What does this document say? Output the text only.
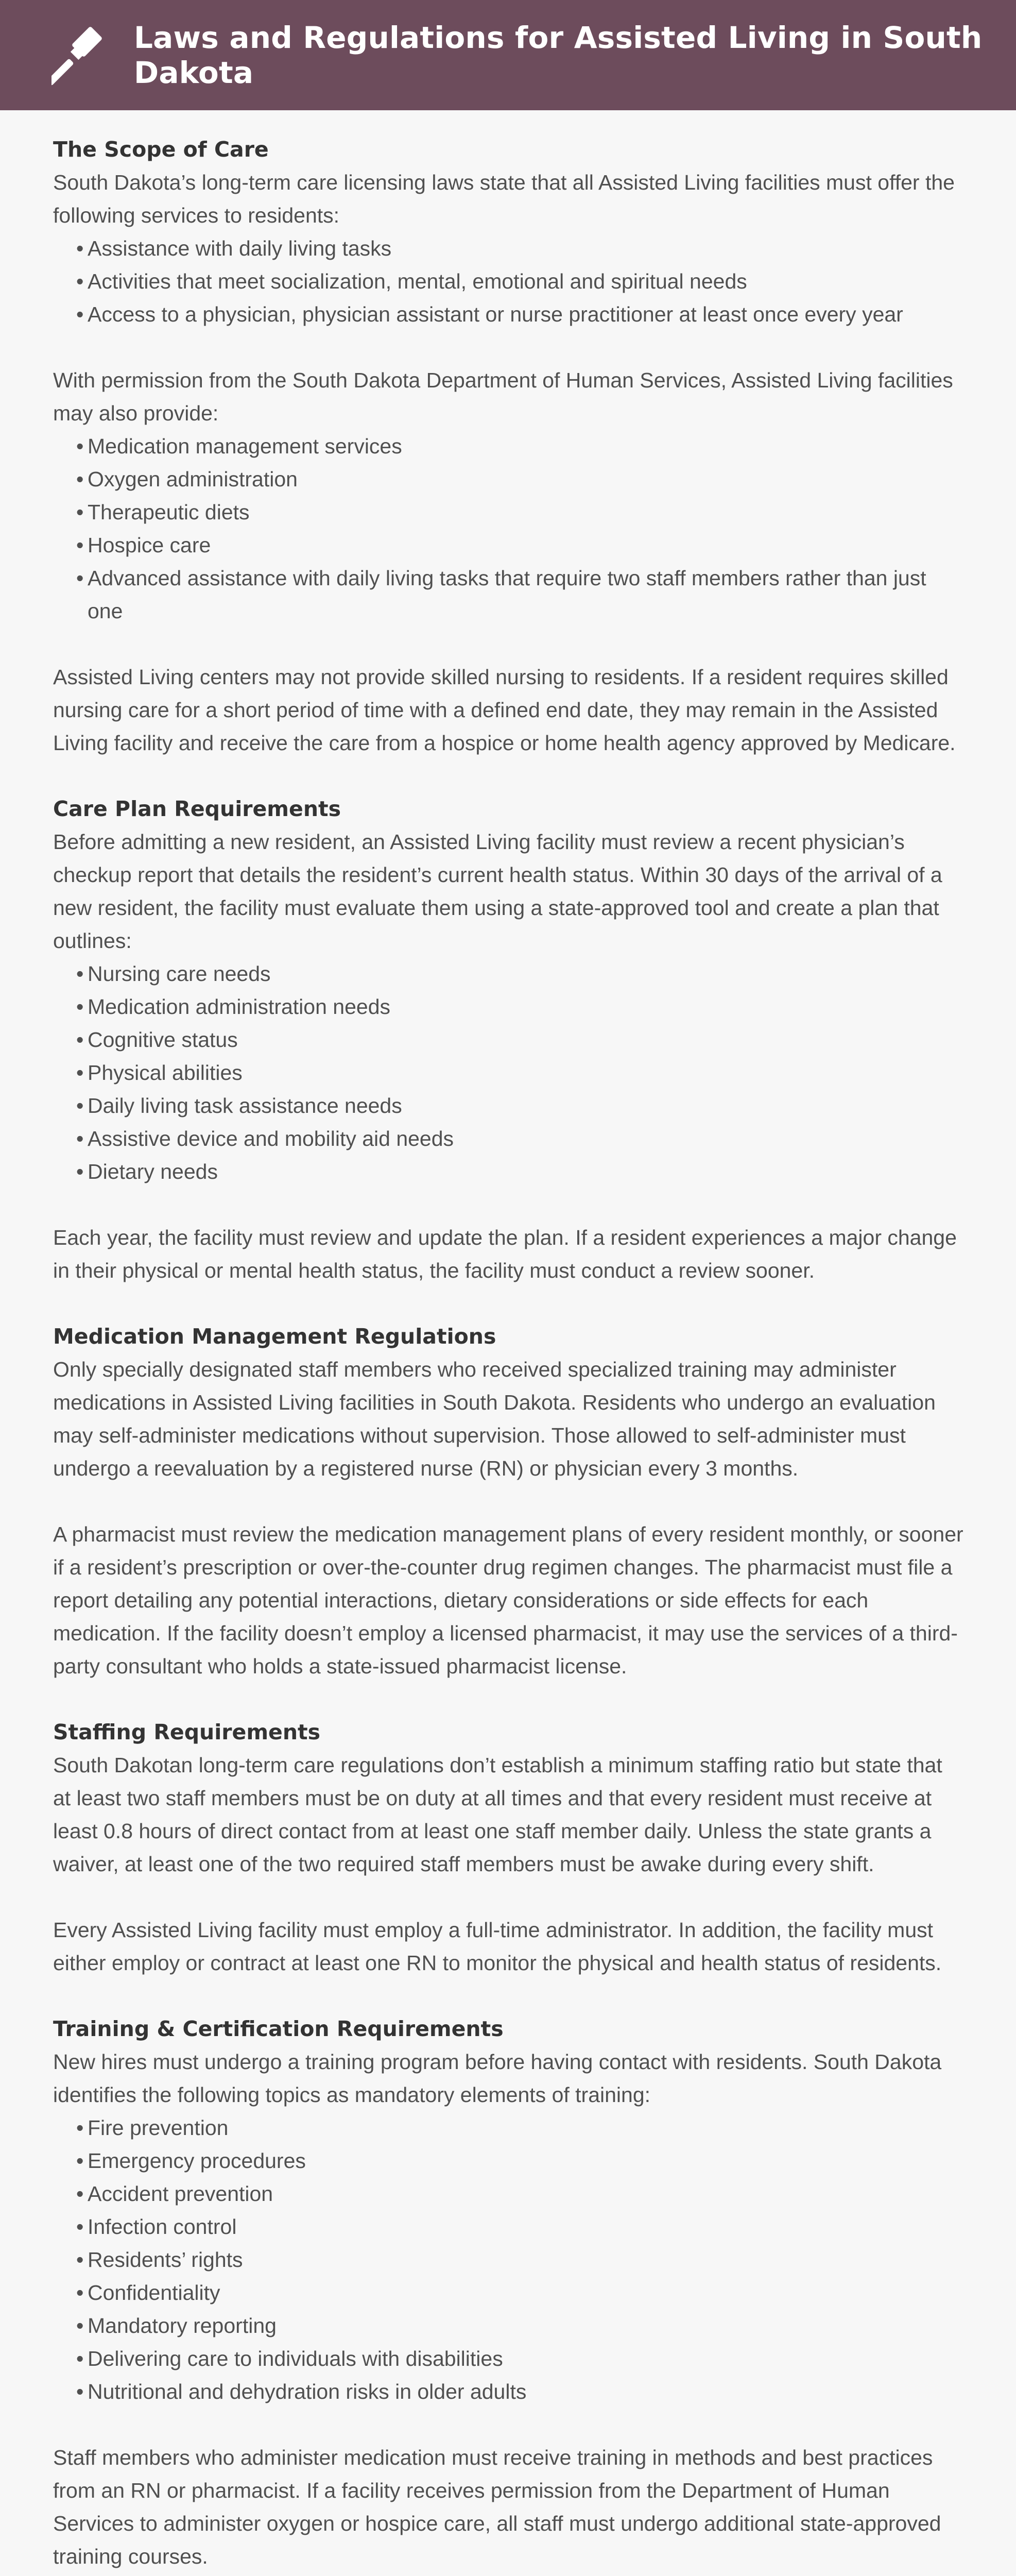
Laws and Regulations for Assisted Living in South Dakota
The Scope of Care

South Dakota’s long-term care licensing laws state that all Assisted Living facilities must offer the following services to residents:

• Assistance with daily living tasks
• Activities that meet socialization, mental, emotional and spiritual needs
• Access to a physician, physician assistant or nurse practitioner at least once every year

With permission from the South Dakota Department of Human Services, Assisted Living facilities may also provide:

• Medication management services
• Oxygen administration
• Therapeutic diets
• Hospice care
• Advanced assistance with daily living tasks that require two staff members rather than just one

Assisted Living centers may not provide skilled nursing to residents. If a resident requires skilled nursing care for a short period of time with a defined end date, they may remain in the Assisted Living facility and receive the care from a hospice or home health agency approved by Medicare.

Care Plan Requirements

Before admitting a new resident, an Assisted Living facility must review a recent physician’s checkup report that details the resident’s current health status. Within 30 days of the arrival of a new resident, the facility must evaluate them using a state-approved tool and create a plan that outlines:

• Nursing care needs
• Medication administration needs
• Cognitive status
• Physical abilities
• Daily living task assistance needs
• Assistive device and mobility aid needs
• Dietary needs

Each year, the facility must review and update the plan. If a resident experiences a major change in their physical or mental health status, the facility must conduct a review sooner.

Medication Management Regulations

Only specially designated staff members who received specialized training may administer medications in Assisted Living facilities in South Dakota. Residents who undergo an evaluation may self-administer medications without supervision. Those allowed to self-administer must undergo a reevaluation by a registered nurse (RN) or physician every 3 months.

A pharmacist must review the medication management plans of every resident monthly, or sooner if a resident’s prescription or over-the-counter drug regimen changes. The pharmacist must file a report detailing any potential interactions, dietary considerations or side effects for each medication. If the facility doesn’t employ a licensed pharmacist, it may use the services of a third-party consultant who holds a state-issued pharmacist license.

Staffing Requirements

South Dakotan long-term care regulations don’t establish a minimum staffing ratio but state that at least two staff members must be on duty at all times and that every resident must receive at least 0.8 hours of direct contact from at least one staff member daily. Unless the state grants a waiver, at least one of the two required staff members must be awake during every shift.

Every Assisted Living facility must employ a full-time administrator. In addition, the facility must either employ or contract at least one RN to monitor the physical and health status of residents.

Training & Certification Requirements

New hires must undergo a training program before having contact with residents. South Dakota identifies the following topics as mandatory elements of training:

• Fire prevention
• Emergency procedures
• Accident prevention
• Infection control
• Residents’ rights
• Confidentiality
• Mandatory reporting
• Delivering care to individuals with disabilities
• Nutritional and dehydration risks in older adults

Staff members who administer medication must receive training in methods and best practices from an RN or pharmacist. If a facility receives permission from the Department of Human Services to administer oxygen or hospice care, all staff must undergo additional state-approved training courses.
